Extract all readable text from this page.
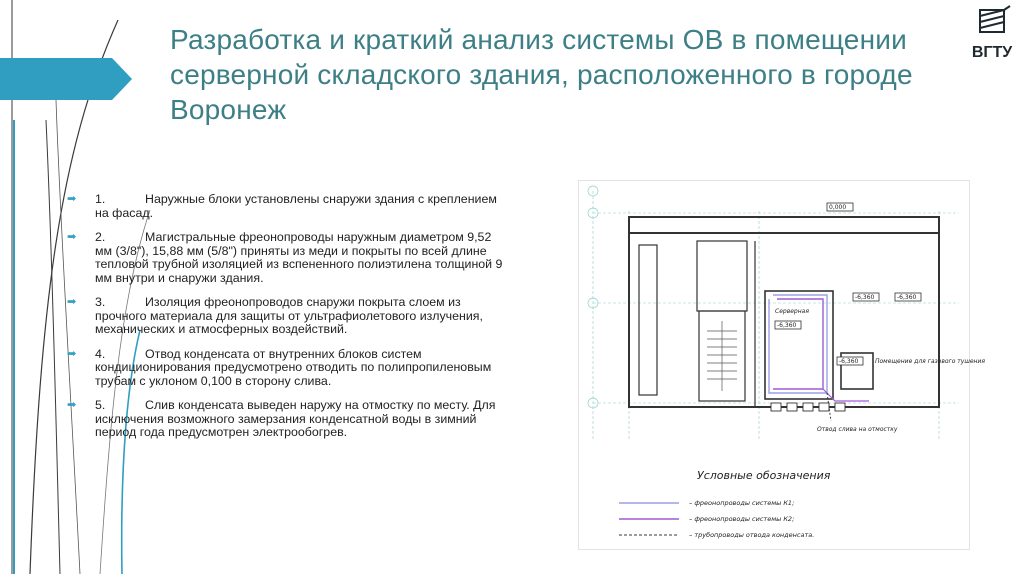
Разработка и краткий анализ системы ОВ в помещении серверной складского здания, расположенного в городе Воронеж
ВГТУ
➡ 1.	Наружные блоки установлены снаружи здания с креплением на фасад.
➡ 2.	Магистральные фреонопроводы наружным диаметром 9,52 мм (3/8"), 15,88 мм (5/8") приняты из меди и покрыты по всей длине тепловой трубной изоляцией из вспененного полиэтилена толщиной 9 мм внутри и снаружи здания.
➡ 3.	Изоляция фреонопроводов снаружи покрыта слоем из прочного материала для защиты от ультрафиолетового излучения, механических и атмосферных воздействий.
➡ 4.	Отвод конденсата от внутренних блоков систем кондиционирования предусмотрено отводить по полипропиленовым трубам с уклоном 0,100 в сторону слива.
➡ 5.	Слив конденсата выведен наружу на отмостку по месту. Для исключения возможного замерзания конденсатной воды в зимний период года предусмотрен электрообогрев.
0,000
-6,360	-6,360
-6,360
-6,360
Серверная
Помещение для газового тушения
Отвод слива на отмостку
Условные обозначения
– фреонопроводы системы К1;
– фреонопроводы системы К2;
– трубопроводы отвода конденсата.
